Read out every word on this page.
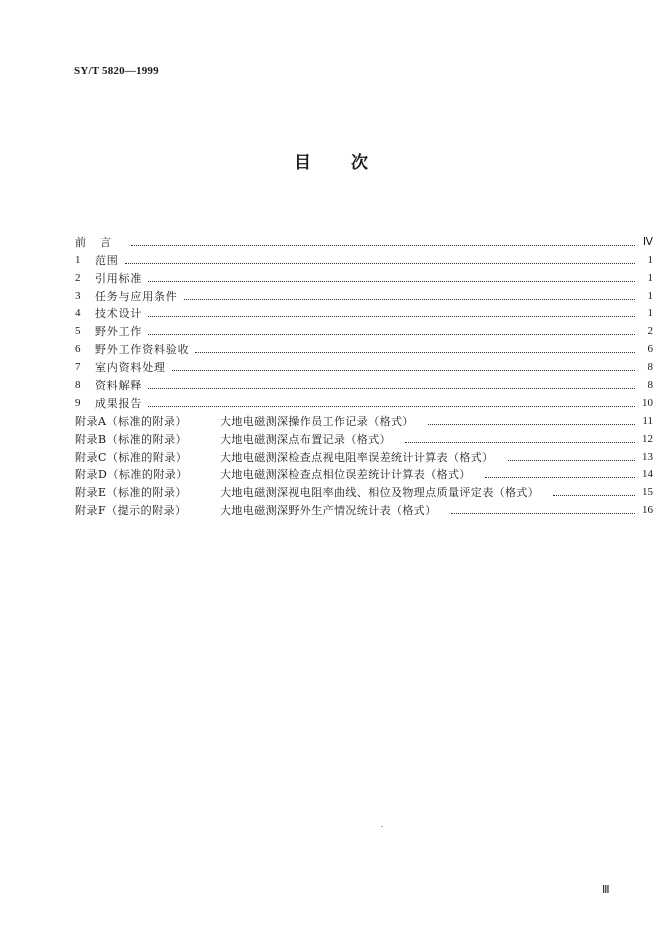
SY/T 5820—1999
目 次
前言	Ⅳ
1	范围	1
2	引用标准	1
3	任务与应用条件	1
4	技术设计	1
5	野外工作	2
6	野外工作资料验收	6
7	室内资料处理	8
8	资料解释	8
9	成果报告	10
附录A（标准的附录）	大地电磁测深操作员工作记录（格式）	11
附录B（标准的附录）	大地电磁测深点布置记录（格式）	12
附录C（标准的附录）	大地电磁测深检查点视电阻率误差统计计算表（格式）	13
附录D（标准的附录）	大地电磁测深检查点相位误差统计计算表（格式）	14
附录E（标准的附录）	大地电磁测深视电阻率曲线、相位及物理点质量评定表（格式）	15
附录F（提示的附录）	大地电磁测深野外生产情况统计表（格式）	16
Ⅲ
